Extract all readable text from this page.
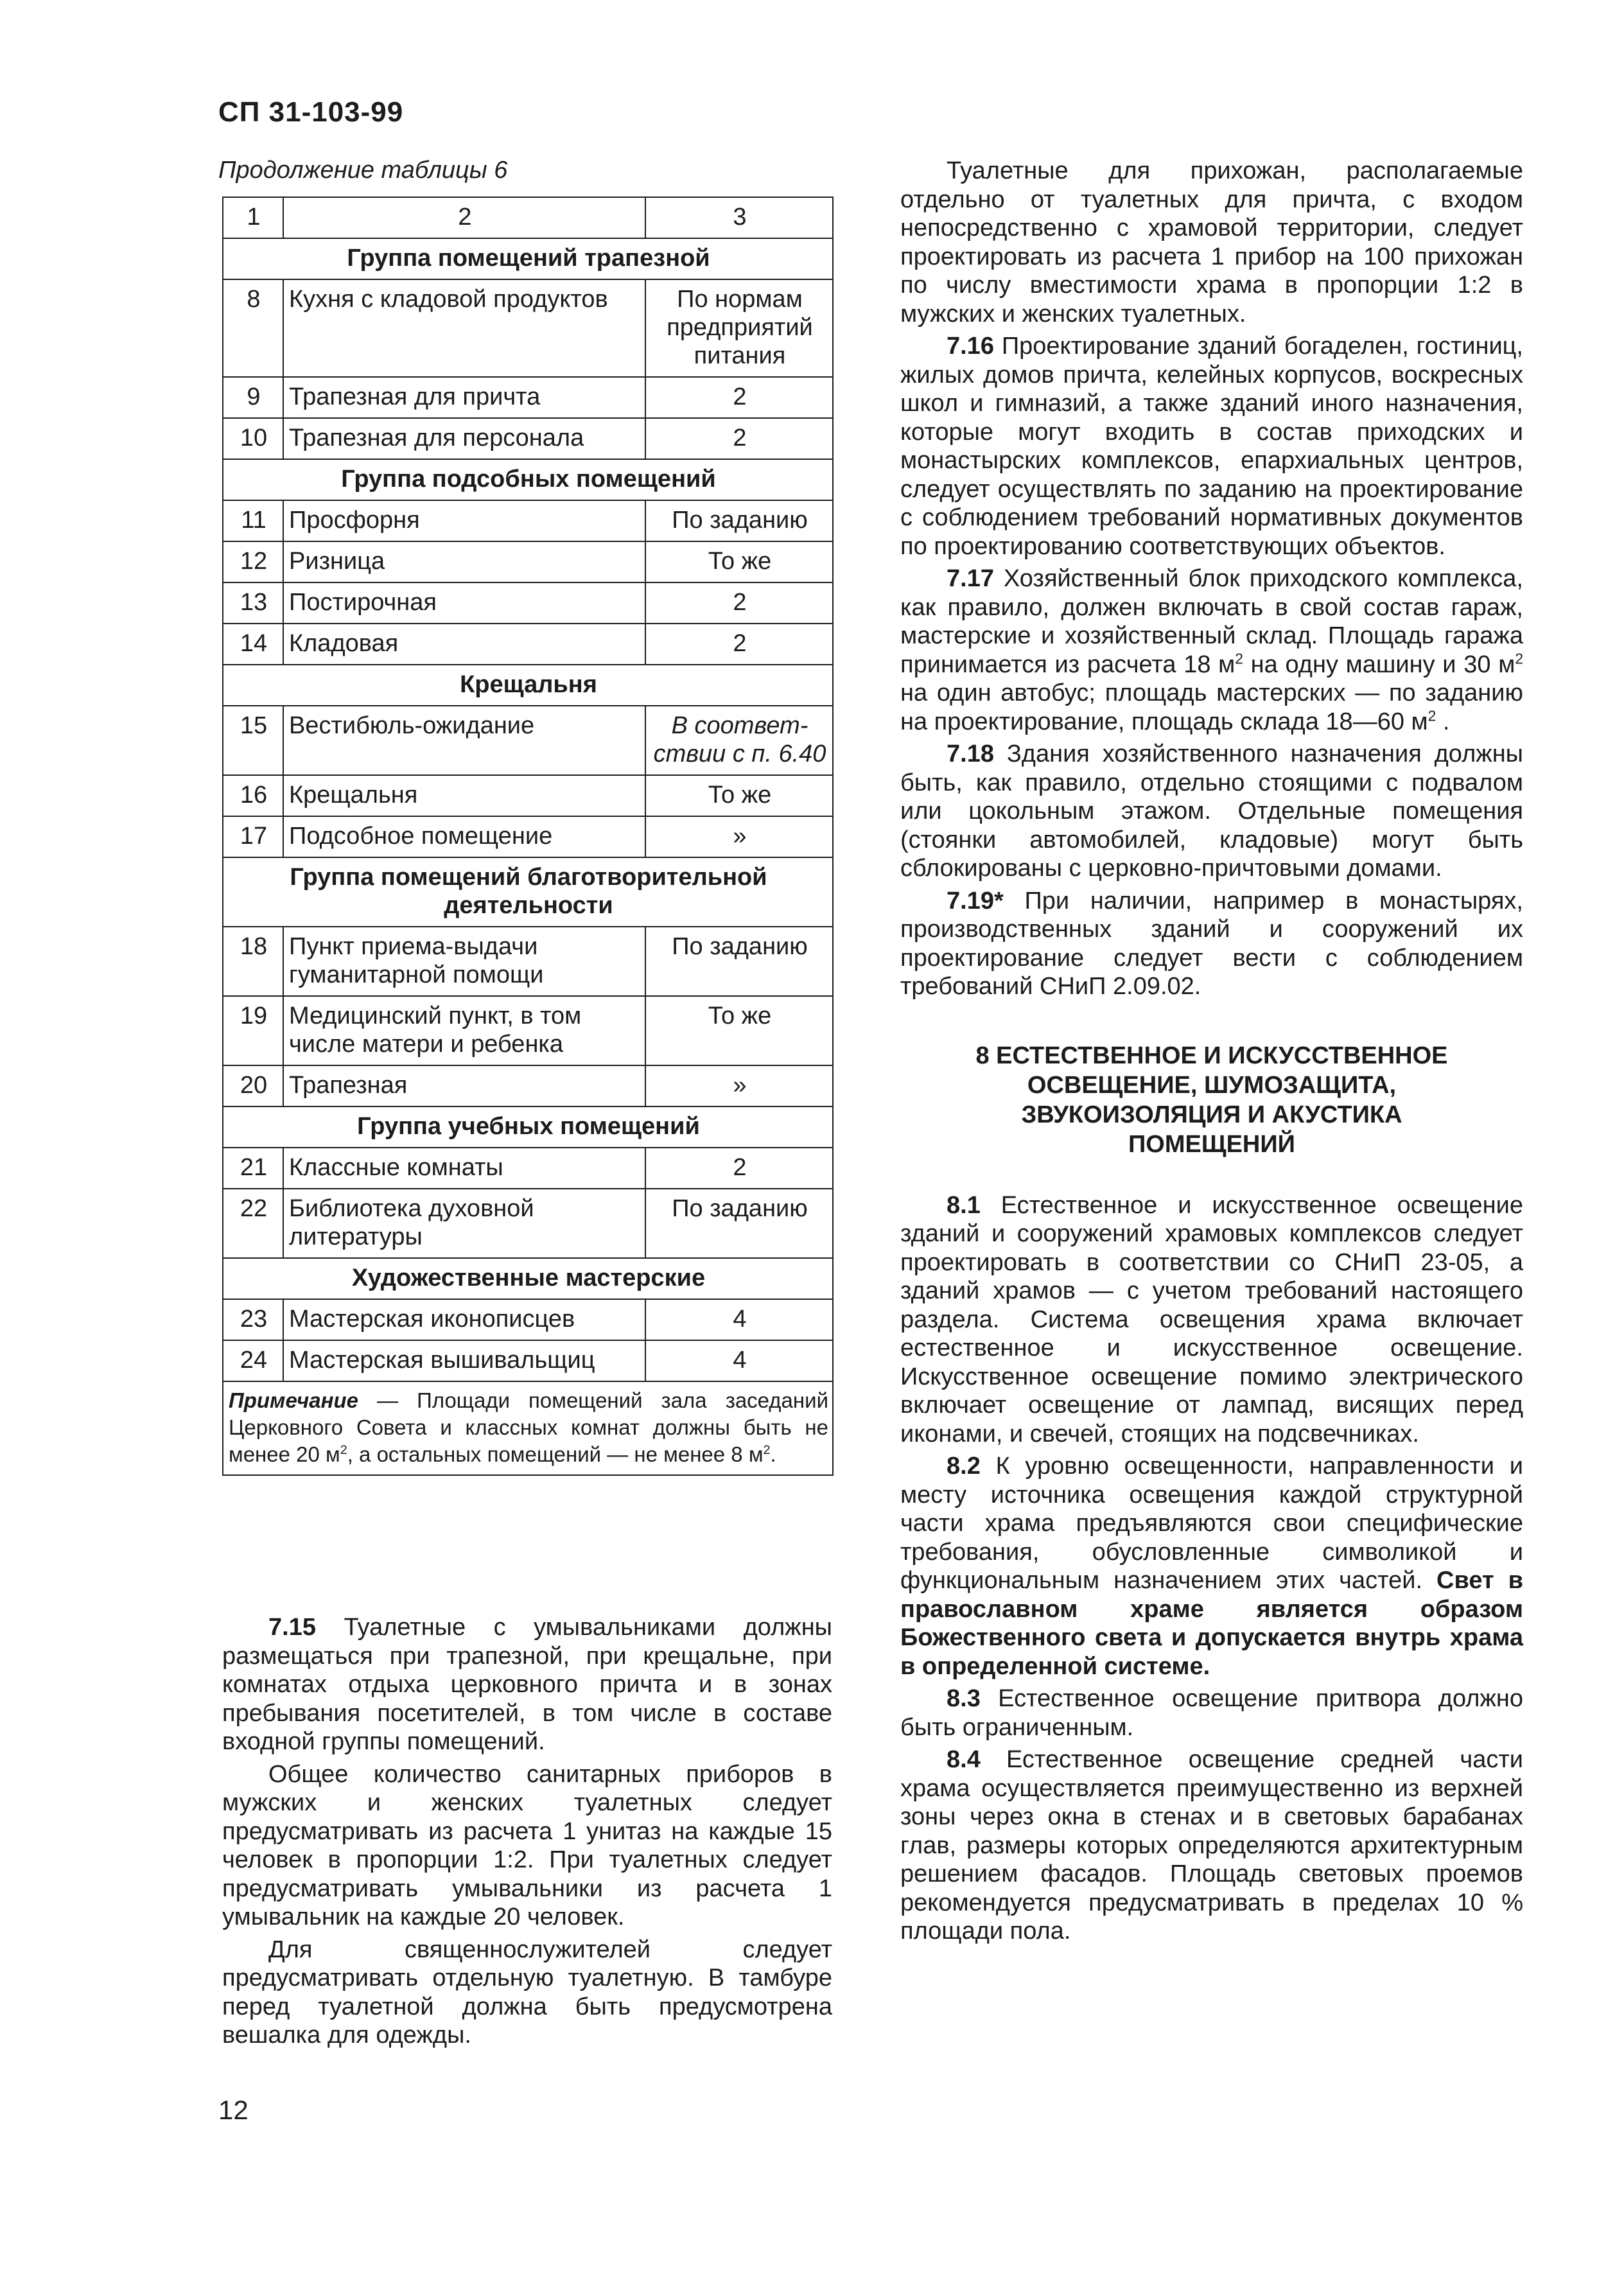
СП 31-103-99
Продолжение таблицы 6
1	2	3
Группа помещений трапезной		
8	Кухня с кладовой продуктов	По нормам предприятий питания
9	Трапезная для причта	2
10	Трапезная для персонала	2
Группа подсобных помещений		
11	Просфорня	По заданию
12	Ризница	То же
13	Постирочная	2
14	Кладовая	2
Крещальня		
15	Вестибюль-ожидание	В соответ-ствии с п. 6.40
16	Крещальня	То же
17	Подсобное помещение	»
Группа помещений благотворительной деятельности		
18	Пункт приема-выдачи гуманитарной помощи	По заданию
19	Медицинский пункт, в том числе матери и ребенка	То же
20	Трапезная	»
Группа учебных помещений		
21	Классные комнаты	2
22	Библиотека духовной литературы	По заданию
Художественные мастерские		
23	Мастерская иконописцев	4
24	Мастерская вышивальщиц	4
Примечание — Площади помещений зала заседаний Церковного Совета и классных комнат должны быть не менее 20 $м^2$, а остальных помещений — не менее 8 $м^2$.		

7.15 Туалетные с умывальниками должны размещаться при трапезной, при крещальне, при комнатах отдыха церковного причта и в зонах пребывания посетителей, в том числе в составе входной группы помещений.

Общее количество санитарных приборов в мужских и женских туалетных следует предусматривать из расчета 1 унитаз на каждые 15 человек в пропорции 1:2. При туалетных следует предусматривать умывальники из расчета 1 умывальник на каждые 20 человек.

Для священнослужителей следует предусматривать отдельную туалетную. В тамбуре перед туалетной должна быть предусмотрена вешалка для одежды.

Туалетные для прихожан, располагаемые отдельно от туалетных для причта, с входом непосредственно с храмовой территории, следует проектировать из расчета 1 прибор на 100 прихожан по числу вместимости храма в пропорции 1:2 в мужских и женских туалетных.

7.16 Проектирование зданий богаделен, гостиниц, жилых домов причта, келейных корпусов, воскресных школ и гимназий, а также зданий иного назначения, которые могут входить в состав приходских и монастырских комплексов, епархиальных центров, следует осуществлять по заданию на проектирование с соблюдением требований нормативных документов по проектированию соответствующих объектов.

7.17 Хозяйственный блок приходского комплекса, как правило, должен включать в свой состав гараж, мастерские и хозяйственный склад. Площадь гаража принимается из расчета 18 $м^2$ на одну машину и 30 $м^2$ на один автобус; площадь мастерских — по заданию на проектирование, площадь склада 18—60 $м^2$ .

7.18 Здания хозяйственного назначения должны быть, как правило, отдельно стоящими с подвалом или цокольным этажом. Отдельные помещения (стоянки автомобилей, кладовые) могут быть сблокированы с церковно-причтовыми домами.

7.19* При наличии, например в монастырях, производственных зданий и сооружений их проектирование следует вести с соблюдением требований СНиП 2.09.02.

8 ЕСТЕСТВЕННОЕ И ИСКУССТВЕННОЕ
ОСВЕЩЕНИЕ, ШУМОЗАЩИТА,
ЗВУКОИЗОЛЯЦИЯ И АКУСТИКА
ПОМЕЩЕНИЙ

8.1 Естественное и искусственное освещение зданий и сооружений храмовых комплексов следует проектировать в соответствии со СНиП 23-05, а зданий храмов — с учетом требований настоящего раздела. Система освещения храма включает естественное и искусственное освещение. Искусственное освещение помимо электрического включает освещение от лампад, висящих перед иконами, и свечей, стоящих на подсвечниках.

8.2 К уровню освещенности, направленности и месту источника освещения каждой структурной части храма предъявляются свои специфические требования, обусловленные символикой и функциональным назначением этих частей. Свет в православном храме является образом Божественного света и допускается внутрь храма в определенной системе.

8.3 Естественное освещение притвора должно быть ограниченным.

8.4 Естественное освещение средней части храма осуществляется преимущественно из верхней зоны через окна в стенах и в световых барабанах глав, размеры которых определяются архитектурным решением фасадов. Площадь световых проемов рекомендуется предусматривать в пределах 10 % площади пола.

12
